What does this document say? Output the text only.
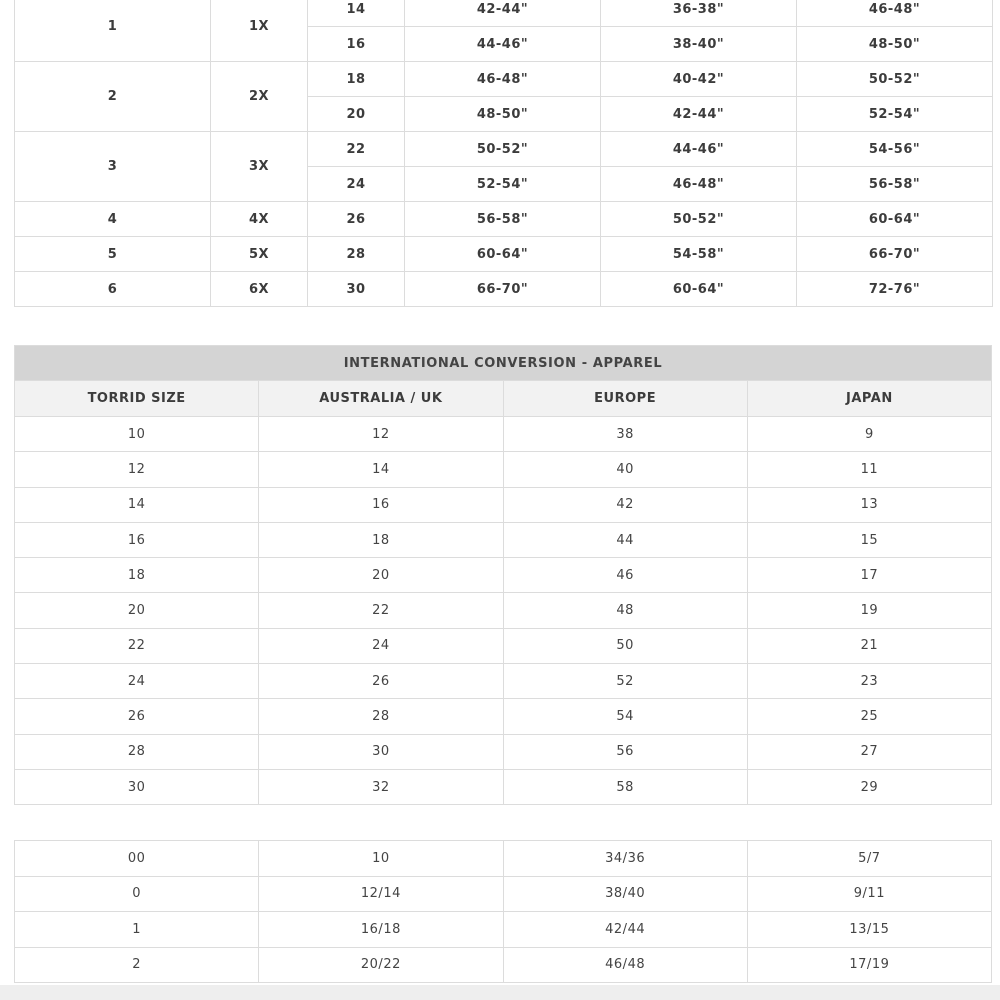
1	1X	14	42-44"	36-38"	46-48"
		16	44-46"	38-40"	48-50"
2	2X	18	46-48"	40-42"	50-52"
		20	48-50"	42-44"	52-54"
3	3X	22	50-52"	44-46"	54-56"
		24	52-54"	46-48"	56-58"
4	4X	26	56-58"	50-52"	60-64"
5	5X	28	60-64"	54-58"	66-70"
6	6X	30	66-70"	60-64"	72-76"
INTERNATIONAL CONVERSION - APPAREL			
TORRID SIZE	AUSTRALIA / UK	EUROPE	JAPAN
10	12	38	9
12	14	40	11
14	16	42	13
16	18	44	15
18	20	46	17
20	22	48	19
22	24	50	21
24	26	52	23
26	28	54	25
28	30	56	27
30	32	58	29
00	10	34/36	5/7
0	12/14	38/40	9/11
1	16/18	42/44	13/15
2	20/22	46/48	17/19
